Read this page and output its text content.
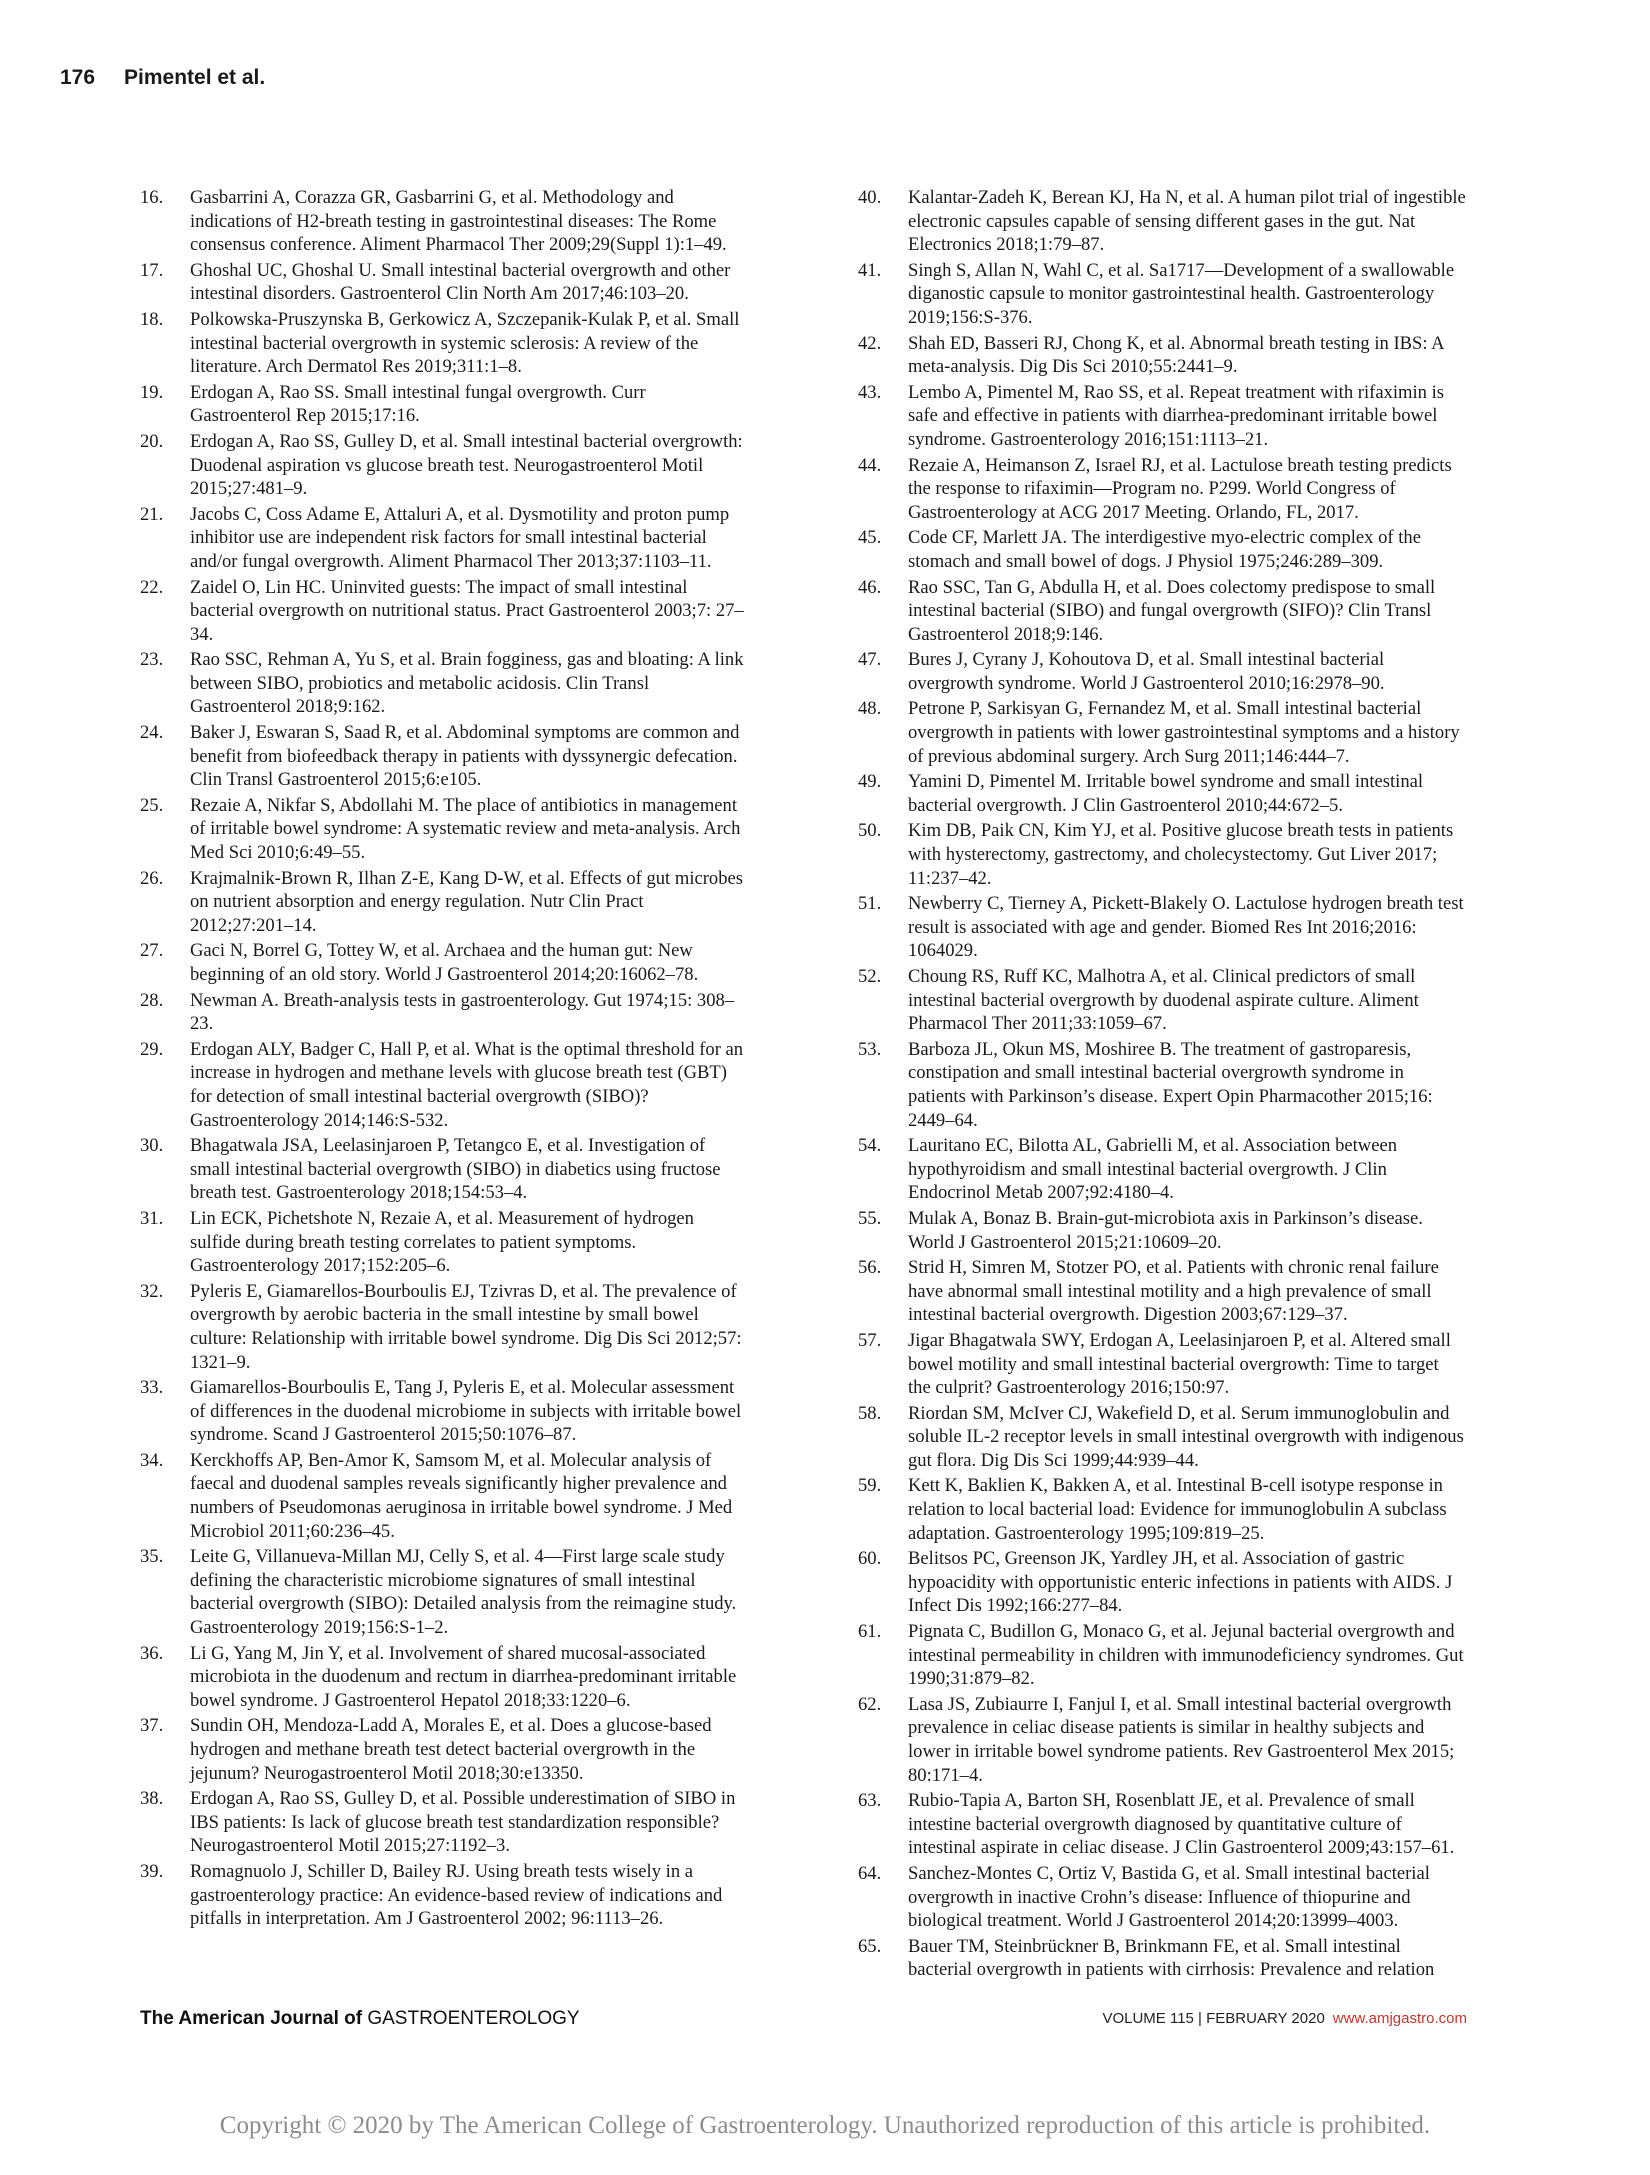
176 Pimentel et al.
16.	Gasbarrini A, Corazza GR, Gasbarrini G, et al. Methodology and indications of H2-breath testing in gastrointestinal diseases: The Rome consensus conference. Aliment Pharmacol Ther 2009;29(Suppl 1):1–49.
17.	Ghoshal UC, Ghoshal U. Small intestinal bacterial overgrowth and other intestinal disorders. Gastroenterol Clin North Am 2017;46:103–20.
18.	Polkowska-Pruszynska B, Gerkowicz A, Szczepanik-Kulak P, et al. Small intestinal bacterial overgrowth in systemic sclerosis: A review of the literature. Arch Dermatol Res 2019;311:1–8.
19.	Erdogan A, Rao SS. Small intestinal fungal overgrowth. Curr Gastroenterol Rep 2015;17:16.
20.	Erdogan A, Rao SS, Gulley D, et al. Small intestinal bacterial overgrowth: Duodenal aspiration vs glucose breath test. Neurogastroenterol Motil 2015;27:481–9.
21.	Jacobs C, Coss Adame E, Attaluri A, et al. Dysmotility and proton pump inhibitor use are independent risk factors for small intestinal bacterial and/or fungal overgrowth. Aliment Pharmacol Ther 2013;37:1103–11.
22.	Zaidel O, Lin HC. Uninvited guests: The impact of small intestinal bacterial overgrowth on nutritional status. Pract Gastroenterol 2003;7: 27–34.
23.	Rao SSC, Rehman A, Yu S, et al. Brain fogginess, gas and bloating: A link between SIBO, probiotics and metabolic acidosis. Clin Transl Gastroenterol 2018;9:162.
24.	Baker J, Eswaran S, Saad R, et al. Abdominal symptoms are common and benefit from biofeedback therapy in patients with dyssynergic defecation. Clin Transl Gastroenterol 2015;6:e105.
25.	Rezaie A, Nikfar S, Abdollahi M. The place of antibiotics in management of irritable bowel syndrome: A systematic review and meta-analysis. Arch Med Sci 2010;6:49–55.
26.	Krajmalnik-Brown R, Ilhan Z-E, Kang D-W, et al. Effects of gut microbes on nutrient absorption and energy regulation. Nutr Clin Pract 2012;27:201–14.
27.	Gaci N, Borrel G, Tottey W, et al. Archaea and the human gut: New beginning of an old story. World J Gastroenterol 2014;20:16062–78.
28.	Newman A. Breath-analysis tests in gastroenterology. Gut 1974;15: 308–23.
29.	Erdogan ALY, Badger C, Hall P, et al. What is the optimal threshold for an increase in hydrogen and methane levels with glucose breath test (GBT) for detection of small intestinal bacterial overgrowth (SIBO)? Gastroenterology 2014;146:S-532.
30.	Bhagatwala JSA, Leelasinjaroen P, Tetangco E, et al. Investigation of small intestinal bacterial overgrowth (SIBO) in diabetics using fructose breath test. Gastroenterology 2018;154:53–4.
31.	Lin ECK, Pichetshote N, Rezaie A, et al. Measurement of hydrogen sulfide during breath testing correlates to patient symptoms. Gastroenterology 2017;152:205–6.
32.	Pyleris E, Giamarellos-Bourboulis EJ, Tzivras D, et al. The prevalence of overgrowth by aerobic bacteria in the small intestine by small bowel culture: Relationship with irritable bowel syndrome. Dig Dis Sci 2012;57: 1321–9.
33.	Giamarellos-Bourboulis E, Tang J, Pyleris E, et al. Molecular assessment of differences in the duodenal microbiome in subjects with irritable bowel syndrome. Scand J Gastroenterol 2015;50:1076–87.
34.	Kerckhoffs AP, Ben-Amor K, Samsom M, et al. Molecular analysis of faecal and duodenal samples reveals significantly higher prevalence and numbers of Pseudomonas aeruginosa in irritable bowel syndrome. J Med Microbiol 2011;60:236–45.
35.	Leite G, Villanueva-Millan MJ, Celly S, et al. 4—First large scale study defining the characteristic microbiome signatures of small intestinal bacterial overgrowth (SIBO): Detailed analysis from the reimagine study. Gastroenterology 2019;156:S-1–2.
36.	Li G, Yang M, Jin Y, et al. Involvement of shared mucosal-associated microbiota in the duodenum and rectum in diarrhea-predominant irritable bowel syndrome. J Gastroenterol Hepatol 2018;33:1220–6.
37.	Sundin OH, Mendoza-Ladd A, Morales E, et al. Does a glucose-based hydrogen and methane breath test detect bacterial overgrowth in the jejunum? Neurogastroenterol Motil 2018;30:e13350.
38.	Erdogan A, Rao SS, Gulley D, et al. Possible underestimation of SIBO in IBS patients: Is lack of glucose breath test standardization responsible? Neurogastroenterol Motil 2015;27:1192–3.
39.	Romagnuolo J, Schiller D, Bailey RJ. Using breath tests wisely in a gastroenterology practice: An evidence-based review of indications and pitfalls in interpretation. Am J Gastroenterol 2002; 96:1113–26.
40.	Kalantar-Zadeh K, Berean KJ, Ha N, et al. A human pilot trial of ingestible electronic capsules capable of sensing different gases in the gut. Nat Electronics 2018;1:79–87.
41.	Singh S, Allan N, Wahl C, et al. Sa1717—Development of a swallowable diganostic capsule to monitor gastrointestinal health. Gastroenterology 2019;156:S-376.
42.	Shah ED, Basseri RJ, Chong K, et al. Abnormal breath testing in IBS: A meta-analysis. Dig Dis Sci 2010;55:2441–9.
43.	Lembo A, Pimentel M, Rao SS, et al. Repeat treatment with rifaximin is safe and effective in patients with diarrhea-predominant irritable bowel syndrome. Gastroenterology 2016;151:1113–21.
44.	Rezaie A, Heimanson Z, Israel RJ, et al. Lactulose breath testing predicts the response to rifaximin—Program no. P299. World Congress of Gastroenterology at ACG 2017 Meeting. Orlando, FL, 2017.
45.	Code CF, Marlett JA. The interdigestive myo-electric complex of the stomach and small bowel of dogs. J Physiol 1975;246:289–309.
46.	Rao SSC, Tan G, Abdulla H, et al. Does colectomy predispose to small intestinal bacterial (SIBO) and fungal overgrowth (SIFO)? Clin Transl Gastroenterol 2018;9:146.
47.	Bures J, Cyrany J, Kohoutova D, et al. Small intestinal bacterial overgrowth syndrome. World J Gastroenterol 2010;16:2978–90.
48.	Petrone P, Sarkisyan G, Fernandez M, et al. Small intestinal bacterial overgrowth in patients with lower gastrointestinal symptoms and a history of previous abdominal surgery. Arch Surg 2011;146:444–7.
49.	Yamini D, Pimentel M. Irritable bowel syndrome and small intestinal bacterial overgrowth. J Clin Gastroenterol 2010;44:672–5.
50.	Kim DB, Paik CN, Kim YJ, et al. Positive glucose breath tests in patients with hysterectomy, gastrectomy, and cholecystectomy. Gut Liver 2017; 11:237–42.
51.	Newberry C, Tierney A, Pickett-Blakely O. Lactulose hydrogen breath test result is associated with age and gender. Biomed Res Int 2016;2016: 1064029.
52.	Choung RS, Ruff KC, Malhotra A, et al. Clinical predictors of small intestinal bacterial overgrowth by duodenal aspirate culture. Aliment Pharmacol Ther 2011;33:1059–67.
53.	Barboza JL, Okun MS, Moshiree B. The treatment of gastroparesis, constipation and small intestinal bacterial overgrowth syndrome in patients with Parkinson’s disease. Expert Opin Pharmacother 2015;16: 2449–64.
54.	Lauritano EC, Bilotta AL, Gabrielli M, et al. Association between hypothyroidism and small intestinal bacterial overgrowth. J Clin Endocrinol Metab 2007;92:4180–4.
55.	Mulak A, Bonaz B. Brain-gut-microbiota axis in Parkinson’s disease. World J Gastroenterol 2015;21:10609–20.
56.	Strid H, Simren M, Stotzer PO, et al. Patients with chronic renal failure have abnormal small intestinal motility and a high prevalence of small intestinal bacterial overgrowth. Digestion 2003;67:129–37.
57.	Jigar Bhagatwala SWY, Erdogan A, Leelasinjaroen P, et al. Altered small bowel motility and small intestinal bacterial overgrowth: Time to target the culprit? Gastroenterology 2016;150:97.
58.	Riordan SM, McIver CJ, Wakefield D, et al. Serum immunoglobulin and soluble IL-2 receptor levels in small intestinal overgrowth with indigenous gut flora. Dig Dis Sci 1999;44:939–44.
59.	Kett K, Baklien K, Bakken A, et al. Intestinal B-cell isotype response in relation to local bacterial load: Evidence for immunoglobulin A subclass adaptation. Gastroenterology 1995;109:819–25.
60.	Belitsos PC, Greenson JK, Yardley JH, et al. Association of gastric hypoacidity with opportunistic enteric infections in patients with AIDS. J Infect Dis 1992;166:277–84.
61.	Pignata C, Budillon G, Monaco G, et al. Jejunal bacterial overgrowth and intestinal permeability in children with immunodeficiency syndromes. Gut 1990;31:879–82.
62.	Lasa JS, Zubiaurre I, Fanjul I, et al. Small intestinal bacterial overgrowth prevalence in celiac disease patients is similar in healthy subjects and lower in irritable bowel syndrome patients. Rev Gastroenterol Mex 2015; 80:171–4.
63.	Rubio-Tapia A, Barton SH, Rosenblatt JE, et al. Prevalence of small intestine bacterial overgrowth diagnosed by quantitative culture of intestinal aspirate in celiac disease. J Clin Gastroenterol 2009;43:157–61.
64.	Sanchez-Montes C, Ortiz V, Bastida G, et al. Small intestinal bacterial overgrowth in inactive Crohn’s disease: Influence of thiopurine and biological treatment. World J Gastroenterol 2014;20:13999–4003.
65.	Bauer TM, Steinbrückner B, Brinkmann FE, et al. Small intestinal bacterial overgrowth in patients with cirrhosis: Prevalence and relation
The American Journal of GASTROENTEROLOGY	VOLUME 115 | FEBRUARY 2020 www.amjgastro.com
Copyright © 2020 by The American College of Gastroenterology. Unauthorized reproduction of this article is prohibited.
